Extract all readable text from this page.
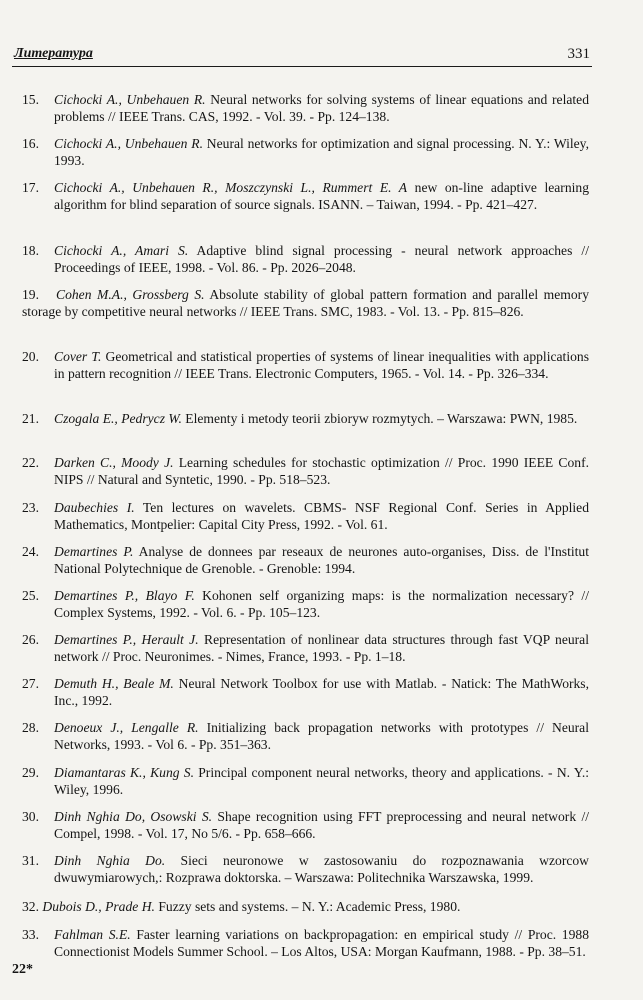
Литература	331
15.	Cichocki A., Unbehauen R. Neural networks for solving systems of linear equations and related problems // IEEE Trans. CAS, 1992. - Vol. 39. - Pp. 124–138.
16.	Cichocki A., Unbehauen R. Neural networks for optimization and signal processing. N. Y.: Wiley, 1993.
17.	Cichocki A., Unbehauen R., Moszczynski L., Rummert E. A new on-line adaptive learning algorithm for blind separation of source signals. ISANN. – Taiwan, 1994. - Pp. 421–427.
18.	Cichocki A., Amari S. Adaptive blind signal processing - neural network approaches // Proceedings of IEEE, 1998. - Vol. 86. - Pp. 2026–2048.
19.	Cohen M.A., Grossberg S. Absolute stability of global pattern formation and parallel memory storage by competitive neural networks // IEEE Trans. SMC, 1983. - Vol. 13. - Pp. 815–826.
20.	Cover T. Geometrical and statistical properties of systems of linear inequalities with applications in pattern recognition // IEEE Trans. Electronic Computers, 1965. - Vol. 14. - Pp. 326–334.
21.	Czogala E., Pedrycz W. Elementy i metody teorii zbioryw rozmytych. – Warszawa: PWN, 1985.
22.	Darken C., Moody J. Learning schedules for stochastic optimization // Proc. 1990 IEEE Conf. NIPS // Natural and Syntetic, 1990. - Pp. 518–523.
23.	Daubechies I. Ten lectures on wavelets. CBMS- NSF Regional Conf. Series in Applied Mathematics, Montpelier: Capital City Press, 1992. - Vol. 61.
24.	Demartines P. Analyse de donnees par reseaux de neurones auto-organises, Diss. de l'Institut National Polytechnique de Grenoble. - Grenoble: 1994.
25.	Demartines P., Blayo F. Kohonen self organizing maps: is the normalization necessary? // Complex Systems, 1992. - Vol. 6. - Pp. 105–123.
26.	Demartines P., Herault J. Representation of nonlinear data structures through fast VQP neural network // Proc. Neuronimes. - Nimes, France, 1993. - Pp. 1–18.
27.	Demuth H., Beale M. Neural Network Toolbox for use with Matlab. - Natick: The MathWorks, Inc., 1992.
28.	Denoeux J., Lengalle R. Initializing back propagation networks with prototypes // Neural Networks, 1993. - Vol 6. - Pp. 351–363.
29.	Diamantaras K., Kung S. Principal component neural networks, theory and applications. - N. Y.: Wiley, 1996.
30.	Dinh Nghia Do, Osowski S. Shape recognition using FFT preprocessing and neural network // Compel, 1998. - Vol. 17, No 5/6. - Pp. 658–666.
31.	Dinh Nghia Do. Sieci neuronowe w zastosowaniu do rozpoznawania wzorcow dwuwymiarowych,: Rozprawa doktorska. – Warszawa: Politechnika Warszawska, 1999.
32. Dubois D., Prade H. Fuzzy sets and systems. – N. Y.: Academic Press, 1980.
33.	Fahlman S.E. Faster learning variations on backpropagation: en empirical study // Proc. 1988 Connectionist Models Summer School. – Los Altos, USA: Morgan Kaufmann, 1988. - Pp. 38–51.
22*
